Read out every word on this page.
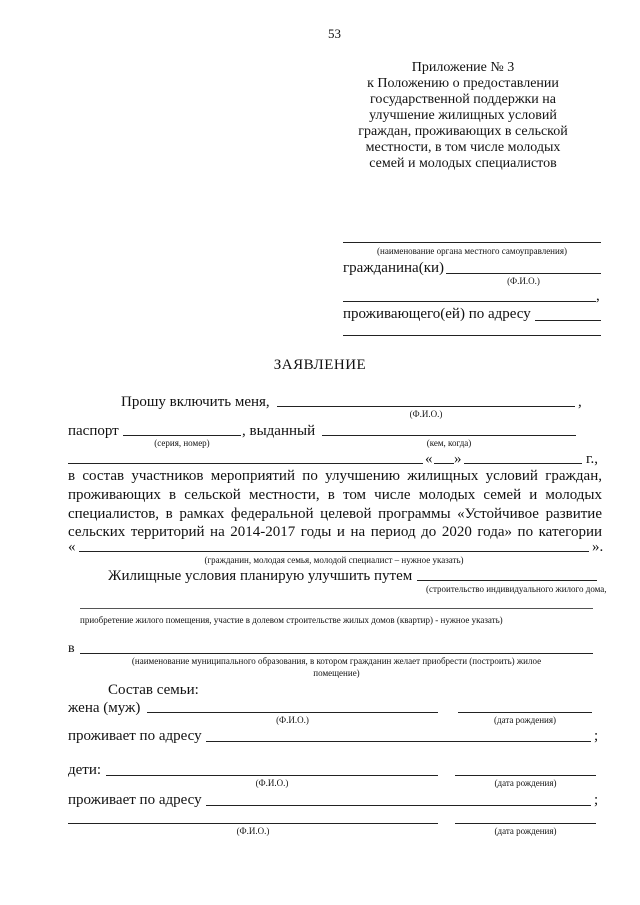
53
Приложение № 3
к Положению о предоставлении
государственной поддержки на
улучшение жилищных условий
граждан, проживающих в сельской
местности, в том числе молодых
семей и молодых специалистов
(наименование органа местного самоуправления)
гражданина(ки)
(Ф.И.О.)
,
проживающего(ей) по адресу
ЗАЯВЛЕНИЕ
Прошу включить меня,	,
(Ф.И.О.)
паспорт	, выданный
(серия, номер)	(кем, когда)
« »	г.,
в состав участников мероприятий по улучшению жилищных условий граждан,
проживающих в сельской местности, в том числе молодых семей и молодых
специалистов, в рамках федеральной целевой программы «Устойчивое развитие
сельских территорий на 2014-2017 годы и на период до 2020 года» по категории
«	».
(гражданин, молодая семья, молодой специалист – нужное указать)
Жилищные условия планирую улучшить путем
(строительство индивидуального жилого дома,
приобретение жилого помещения, участие в долевом строительстве жилых домов (квартир) - нужное указать)
в
(наименование муниципального образования, в котором гражданин желает приобрести (построить) жилое
помещение)
Состав семьи:
жена (муж)
(Ф.И.О.)	(дата рождения)
проживает по адресу	;
дети:
(Ф.И.О.)	(дата рождения)
проживает по адресу	;
(Ф.И.О.)	(дата рождения)
